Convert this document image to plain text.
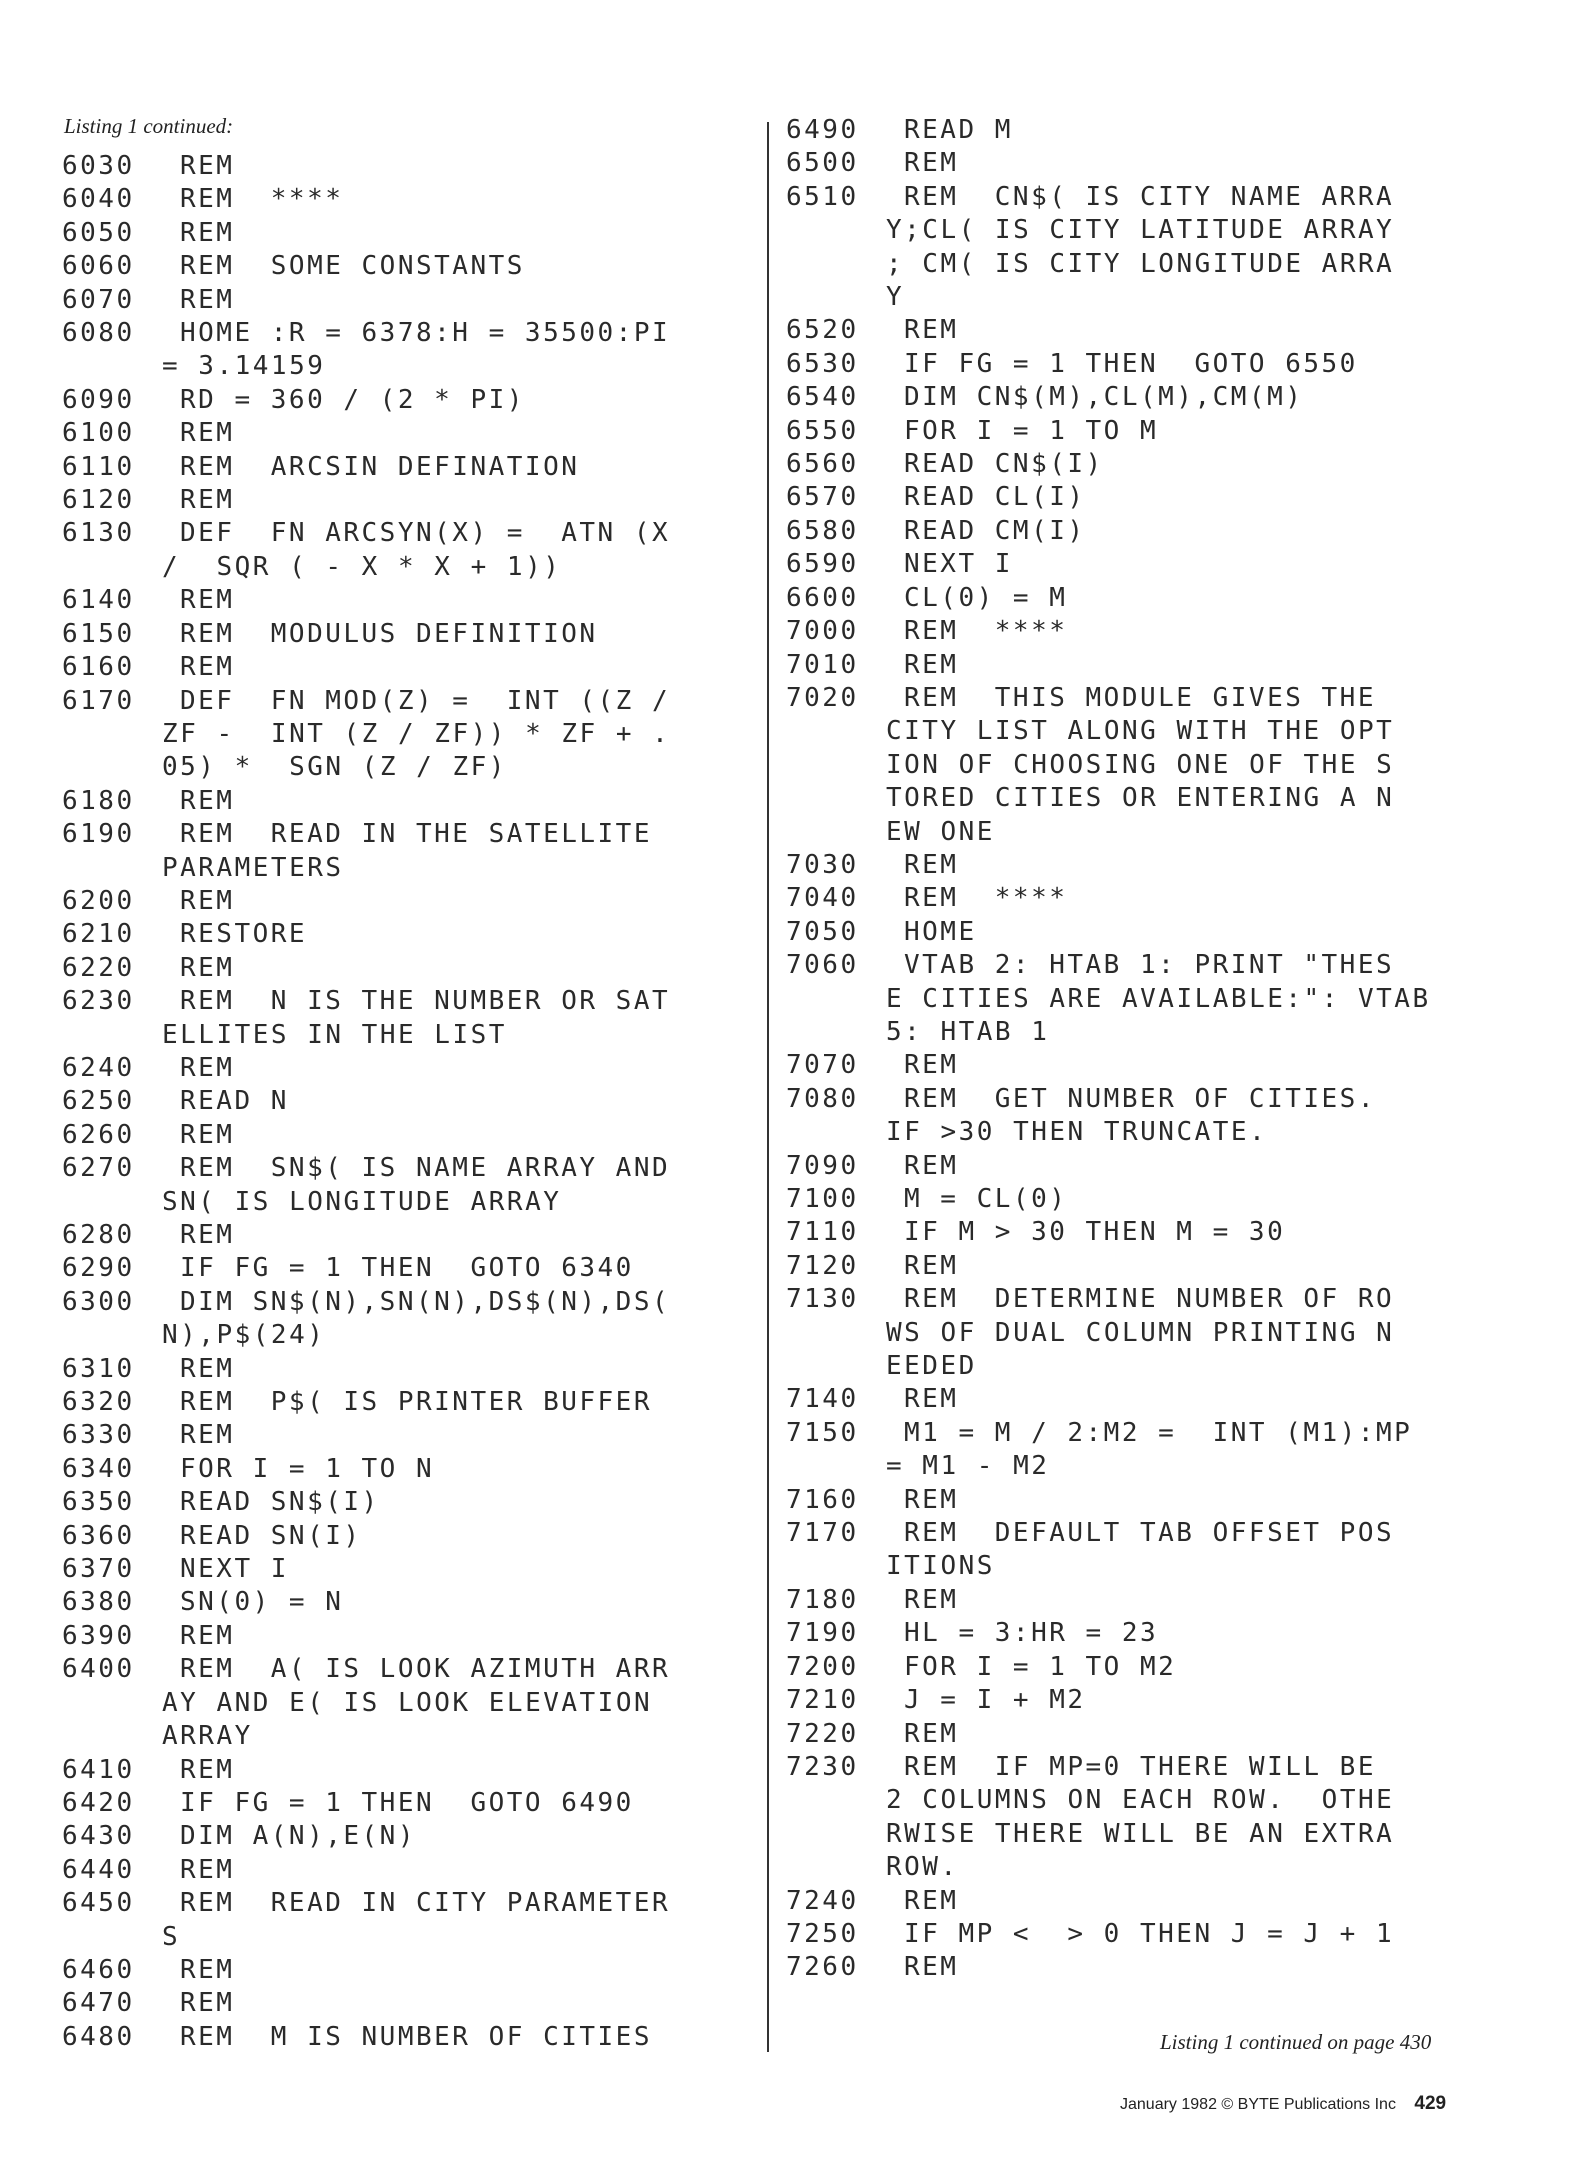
Listing 1 continued:
6030	REM
6040	REM  ****
6050	REM
6060	REM  SOME CONSTANTS
6070	REM
6080	HOME :R = 6378:H = 35500:PI
= 3.14159
6090	RD = 360 / (2 * PI)
6100	REM
6110	REM  ARCSIN DEFINATION
6120	REM
6130	DEF  FN ARCSYN(X) =  ATN (X
/  SQR ( - X * X + 1))
6140	REM
6150	REM  MODULUS DEFINITION
6160	REM
6170	DEF  FN MOD(Z) =  INT ((Z /
ZF -  INT (Z / ZF)) * ZF + .
05) *  SGN (Z / ZF)
6180	REM
6190	REM  READ IN THE SATELLITE
PARAMETERS
6200	REM
6210	RESTORE
6220	REM
6230	REM  N IS THE NUMBER OR SAT
ELLITES IN THE LIST
6240	REM
6250	READ N
6260	REM
6270	REM  SN$( IS NAME ARRAY AND
SN( IS LONGITUDE ARRAY
6280	REM
6290	IF FG = 1 THEN  GOTO 6340
6300	DIM SN$(N),SN(N),DS$(N),DS(
N),P$(24)
6310	REM
6320	REM  P$( IS PRINTER BUFFER
6330	REM
6340	FOR I = 1 TO N
6350	READ SN$(I)
6360	READ SN(I)
6370	NEXT I
6380	SN(0) = N
6390	REM
6400	REM  A( IS LOOK AZIMUTH ARR
AY AND E( IS LOOK ELEVATION
ARRAY
6410	REM
6420	IF FG = 1 THEN  GOTO 6490
6430	DIM A(N),E(N)
6440	REM
6450	REM  READ IN CITY PARAMETER
S
6460	REM
6470	REM
6480	REM  M IS NUMBER OF CITIES
6490	READ M
6500	REM
6510	REM  CN$( IS CITY NAME ARRA
Y;CL( IS CITY LATITUDE ARRAY
; CM( IS CITY LONGITUDE ARRA
Y
6520	REM
6530	IF FG = 1 THEN  GOTO 6550
6540	DIM CN$(M),CL(M),CM(M)
6550	FOR I = 1 TO M
6560	READ CN$(I)
6570	READ CL(I)
6580	READ CM(I)
6590	NEXT I
6600	CL(0) = M
7000	REM  ****
7010	REM
7020	REM  THIS MODULE GIVES THE
CITY LIST ALONG WITH THE OPT
ION OF CHOOSING ONE OF THE S
TORED CITIES OR ENTERING A N
EW ONE
7030	REM
7040	REM  ****
7050	HOME
7060	VTAB 2: HTAB 1: PRINT "THES
E CITIES ARE AVAILABLE:": VTAB
5: HTAB 1
7070	REM
7080	REM  GET NUMBER OF CITIES.
IF >30 THEN TRUNCATE.
7090	REM
7100	M = CL(0)
7110	IF M > 30 THEN M = 30
7120	REM
7130	REM  DETERMINE NUMBER OF RO
WS OF DUAL COLUMN PRINTING N
EEDED
7140	REM
7150	M1 = M / 2:M2 =  INT (M1):MP
= M1 - M2
7160	REM
7170	REM  DEFAULT TAB OFFSET POS
ITIONS
7180	REM
7190	HL = 3:HR = 23
7200	FOR I = 1 TO M2
7210	J = I + M2
7220	REM
7230	REM  IF MP=0 THERE WILL BE
2 COLUMNS ON EACH ROW.  OTHE
RWISE THERE WILL BE AN EXTRA
ROW.
7240	REM
7250	IF MP <  > 0 THEN J = J + 1
7260	REM
Listing 1 continued on page 430
January 1982 © BYTE Publications Inc 429
